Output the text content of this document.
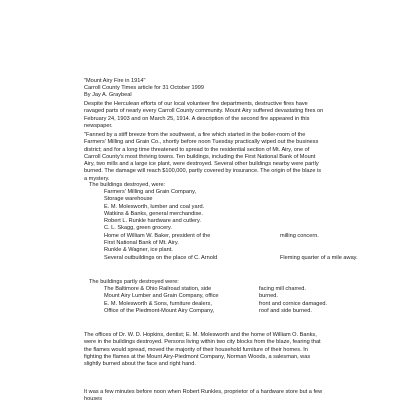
"Mount Airy Fire in 1914"
Carroll County Times article for 31 October 1999
By Jay A. Graybeal
Despite the Herculean efforts of our local volunteer fire departments, destructive fires have ravaged parts of nearly every Carroll County community. Mount Airy suffered devastating fires on February 24, 1903 and on March 25, 1914. A description of the second fire appeared in this newspaper.
"Fanned by a stiff breeze from the southwest, a fire which started in the boiler-room of the Farmers' Milling and Grain Co., shortly before noon Tuesday practically wiped out the business district; and for a long time threatened to spread to the residential section of Mt. Airy, one of Carroll County's most thriving towns. Ten buildings, including the First National Bank of Mount Airy, two mills and a large ice plant, were destroyed. Several other buildings nearby were partly burned. The damage will reach $100,000, partly covered by insurance. The origin of the blaze is a mystery.
The buildings destroyed, were:
Farmers' Milling and Grain Company,
Storage warehouse
E. M. Molesworth, lumber and coal yard.
Watkins & Banks, general merchandise.
Robert L. Runkle hardware and cutlery.
C. L. Skagg, green grocery.
Home of William W. Baker, president of the	milling concern.
First National Bank of Mt. Airy.
Runkle & Wagner, ice plant.
Several outbuildings on the place of C. Arnold	Fleming quarter of a mile away.
The buildings partly destroyed were:
The Baltimore & Ohio Railroad station, side	facing mill charred.
Mount Airy Lumber and Grain Company, office	burned.
E. M. Molesworth & Sons, furniture dealers,	front and cornice damaged.
Office of the Piedmont-Mount Airy Company,	roof and side burned.
The offices of Dr. W. D. Hopkins, dentist; E. M. Molesworth and the home of William O. Banks, were in the buildings destroyed. Persons living within two city blocks from the blaze, fearing that the flames would spread, moved the majority of their household furniture of their homes. In fighting the flames at the Mount Airy-Piedmont Company, Norman Woods, a salesman, was slightly burned about the face and right hand.
It was a few minutes before noon when Robert Runkles, proprietor of a hardware store but a few houses
